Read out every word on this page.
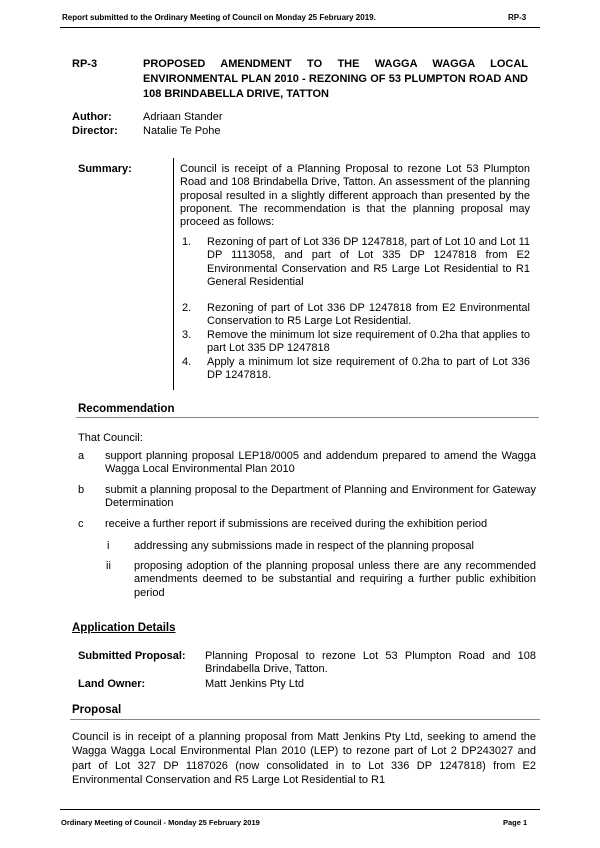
Report submitted to the Ordinary Meeting of Council on Monday 25 February 2019.	RP-3
RP-3	PROPOSED AMENDMENT TO THE WAGGA WAGGA LOCAL ENVIRONMENTAL PLAN 2010 - REZONING OF 53 PLUMPTON ROAD AND 108 BRINDABELLA DRIVE, TATTON
Author:	Adriaan Stander
Director: Natalie Te Pohe
Summary:	Council is receipt of a Planning Proposal to rezone Lot 53 Plumpton Road and 108 Brindabella Drive, Tatton. An assessment of the planning proposal resulted in a slightly different approach than presented by the proponent. The recommendation is that the planning proposal may proceed as follows:
1. Rezoning of part of Lot 336 DP 1247818, part of Lot 10 and Lot 11 DP 1113058, and part of Lot 335 DP 1247818 from E2 Environmental Conservation and R5 Large Lot Residential to R1 General Residential
2. Rezoning of part of Lot 336 DP 1247818 from E2 Environmental Conservation to R5 Large Lot Residential.
3. Remove the minimum lot size requirement of 0.2ha that applies to part Lot 335 DP 1247818
4. Apply a minimum lot size requirement of 0.2ha to part of Lot 336 DP 1247818.
Recommendation
That Council:
a support planning proposal LEP18/0005 and addendum prepared to amend the Wagga Wagga Local Environmental Plan 2010
b submit a planning proposal to the Department of Planning and Environment for Gateway Determination
c receive a further report if submissions are received during the exhibition period
i addressing any submissions made in respect of the planning proposal
ii proposing adoption of the planning proposal unless there are any recommended amendments deemed to be substantial and requiring a further public exhibition period
Application Details
Submitted Proposal: Planning Proposal to rezone Lot 53 Plumpton Road and 108 Brindabella Drive, Tatton.
Land Owner:	Matt Jenkins Pty Ltd
Proposal
Council is in receipt of a planning proposal from Matt Jenkins Pty Ltd, seeking to amend the Wagga Wagga Local Environmental Plan 2010 (LEP) to rezone part of Lot 2 DP243027 and part of Lot 327 DP 1187026 (now consolidated in to Lot 336 DP 1247818) from E2 Environmental Conservation and R5 Large Lot Residential to R1
Ordinary Meeting of Council - Monday 25 February 2019	Page 1
